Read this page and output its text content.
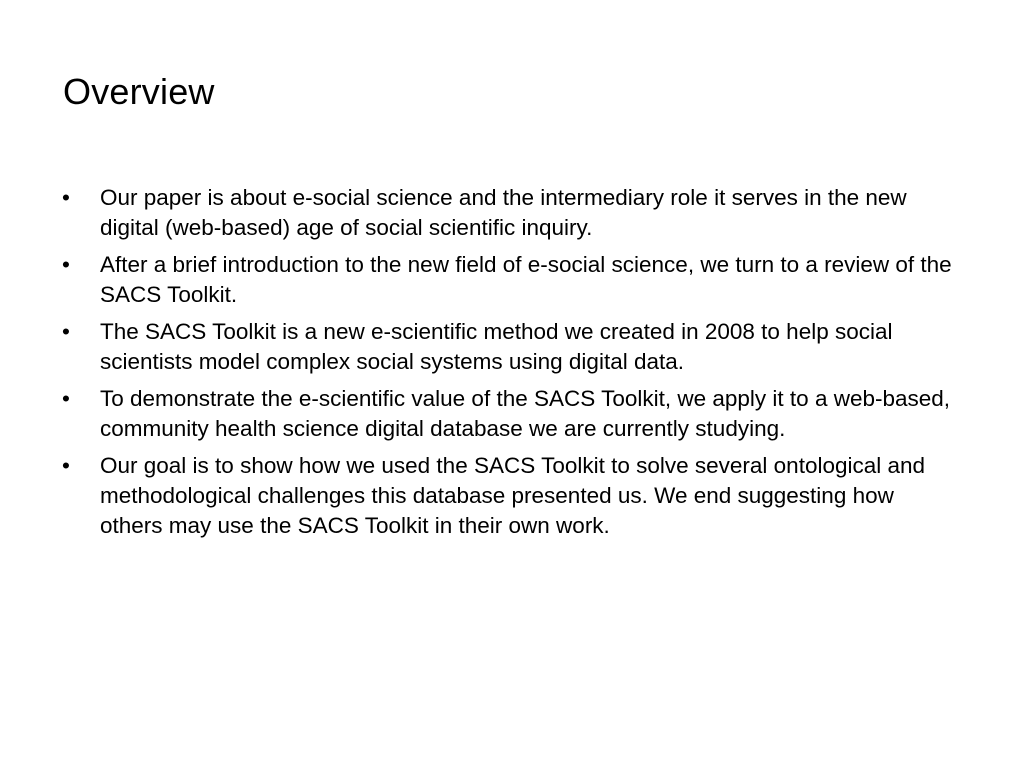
Overview
•	Our paper is about e-social science and the intermediary role it serves in the new digital (web-based) age of social scientific inquiry.
•	After a brief introduction to the new field of e-social science, we turn to a review of the SACS Toolkit.
•	The SACS Toolkit is a new e-scientific method we created in 2008 to help social scientists model complex social systems using digital data.
•	To demonstrate the e-scientific value of the SACS Toolkit, we apply it to a web-based, community health science digital database we are currently studying.
•	Our goal is to show how we used the SACS Toolkit to solve several ontological and methodological challenges this database presented us. We end suggesting how others may use the SACS Toolkit in their own work.
